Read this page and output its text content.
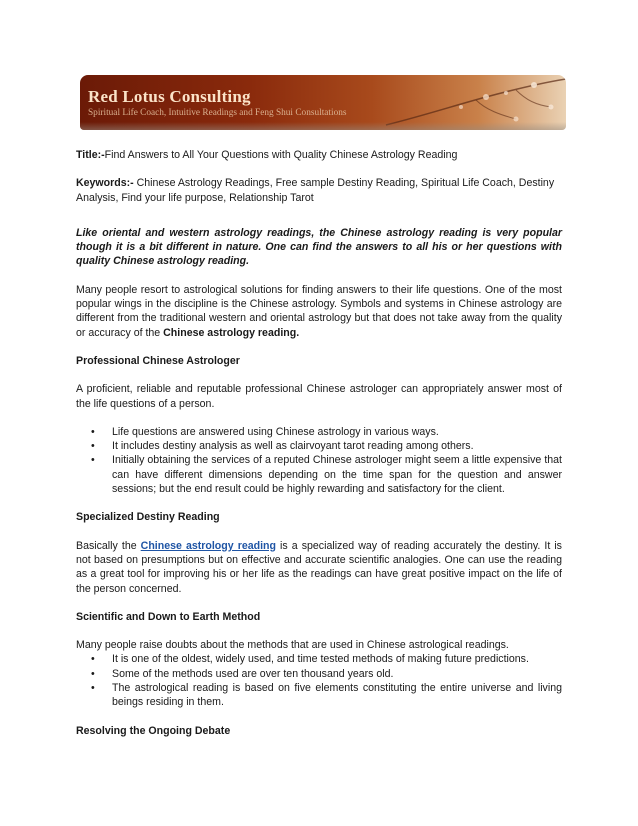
Red Lotus Consulting
Spiritual Life Coach, Intuitive Readings and Feng Shui Consultations

Title:-Find Answers to All Your Questions with Quality Chinese Astrology Reading

Keywords:- Chinese Astrology Readings, Free sample Destiny Reading, Spiritual Life Coach, Destiny Analysis, Find your life purpose, Relationship Tarot

Like oriental and western astrology readings, the Chinese astrology reading is very popular though it is a bit different in nature. One can find the answers to all his or her questions with quality Chinese astrology reading.

Many people resort to astrological solutions for finding answers to their life questions. One of the most popular wings in the discipline is the Chinese astrology. Symbols and systems in Chinese astrology are different from the traditional western and oriental astrology but that does not take away from the quality or accuracy of the Chinese astrology reading.

Professional Chinese Astrologer

A proficient, reliable and reputable professional Chinese astrologer can appropriately answer most of the life questions of a person.

• Life questions are answered using Chinese astrology in various ways.
• It includes destiny analysis as well as clairvoyant tarot reading among others.
• Initially obtaining the services of a reputed Chinese astrologer might seem a little expensive that can have different dimensions depending on the time span for the question and answer sessions; but the end result could be highly rewarding and satisfactory for the client.

Specialized Destiny Reading

Basically the Chinese astrology reading is a specialized way of reading accurately the destiny. It is not based on presumptions but on effective and accurate scientific analogies. One can use the reading as a great tool for improving his or her life as the readings can have great positive impact on the life of the person concerned.

Scientific and Down to Earth Method

Many people raise doubts about the methods that are used in Chinese astrological readings.

• It is one of the oldest, widely used, and time tested methods of making future predictions.
• Some of the methods used are over ten thousand years old.
• The astrological reading is based on five elements constituting the entire universe and living beings residing in them.

Resolving the Ongoing Debate
